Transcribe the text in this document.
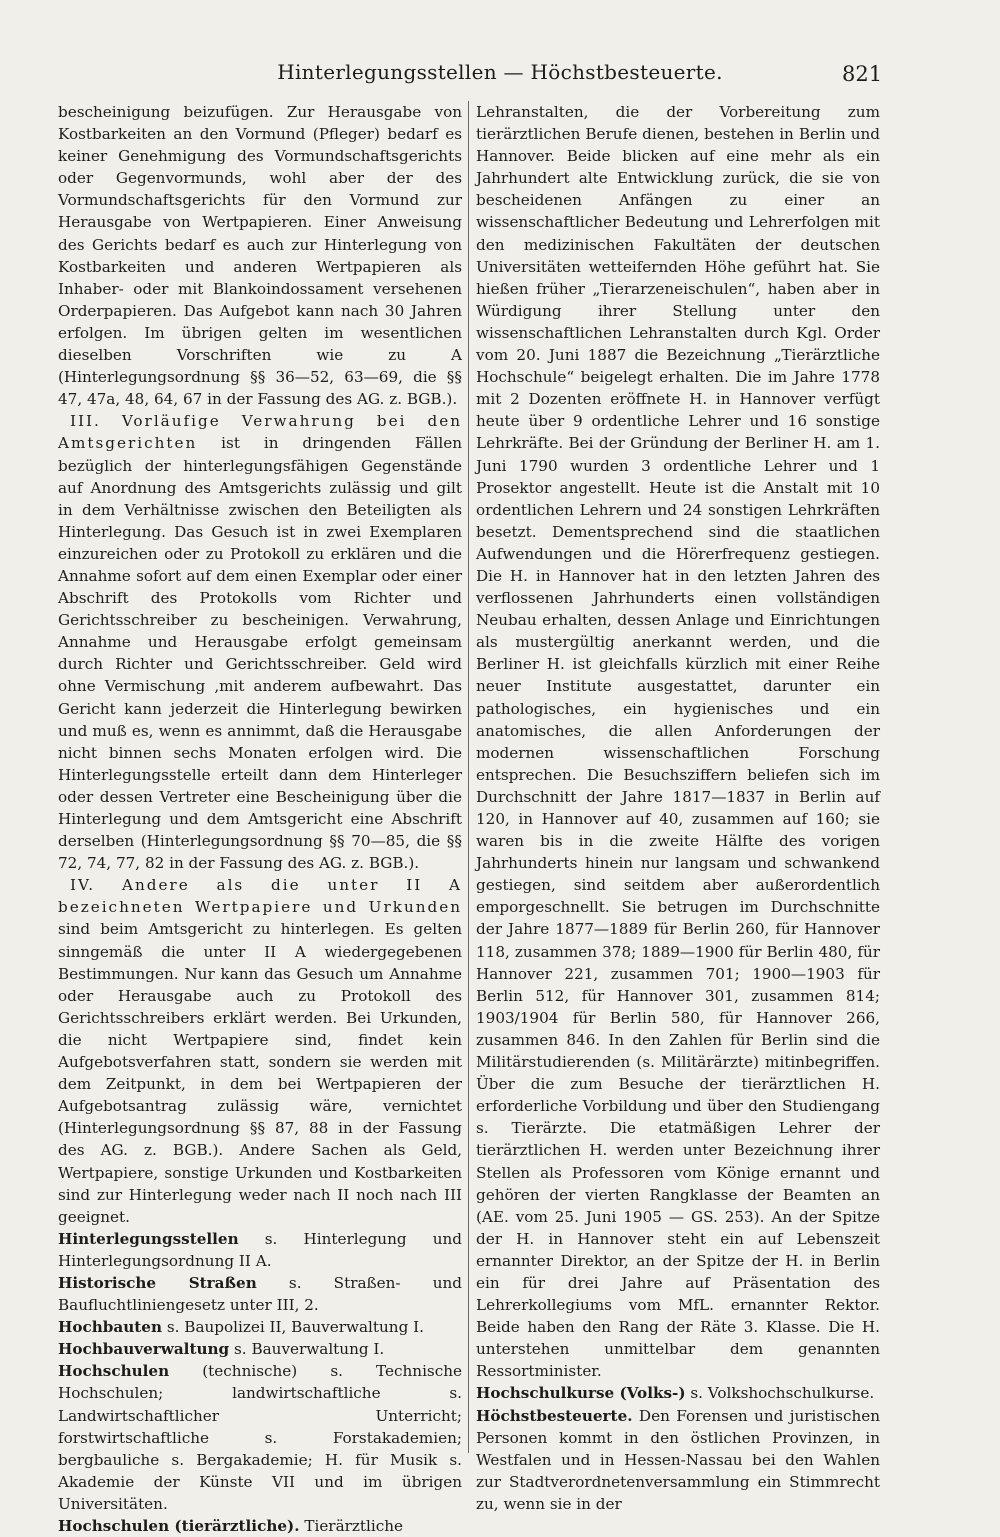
Hinterlegungsstellen — Höchstbesteuerte.	821

bescheinigung beizufügen. Zur Herausgabe von Kostbarkeiten an den Vormund (Pfleger) bedarf es keiner Genehmigung des Vormundschaftsgerichts oder Gegenvormunds, wohl aber der des Vormundschaftsgerichts für den Vormund zur Herausgabe von Wertpapieren. Einer Anweisung des Gerichts bedarf es auch zur Hinterlegung von Kostbarkeiten und anderen Wertpapieren als Inhaber- oder mit Blankoindossament versehenen Orderpapieren. Das Aufgebot kann nach 30 Jahren erfolgen. Im übrigen gelten im wesentlichen dieselben Vorschriften wie zu A (Hinterlegungsordnung §§ 36—52, 63—69, die §§ 47, 47a, 48, 64, 67 in der Fassung des AG. z. BGB.).

III. Vorläufige Verwahrung bei den Amtsgerichten ist in dringenden Fällen bezüglich der hinterlegungsfähigen Gegenstände auf Anordnung des Amtsgerichts zulässig und gilt in dem Verhältnisse zwischen den Beteiligten als Hinterlegung. Das Gesuch ist in zwei Exemplaren einzureichen oder zu Protokoll zu erklären und die Annahme sofort auf dem einen Exemplar oder einer Abschrift des Protokolls vom Richter und Gerichtsschreiber zu bescheinigen. Verwahrung, Annahme und Herausgabe erfolgt gemeinsam durch Richter und Gerichtsschreiber. Geld wird ohne Vermischung ‚mit anderem aufbewahrt. Das Gericht kann jederzeit die Hinterlegung bewirken und muß es, wenn es annimmt, daß die Herausgabe nicht binnen sechs Monaten erfolgen wird. Die Hinterlegungsstelle erteilt dann dem Hinterleger oder dessen Vertreter eine Bescheinigung über die Hinterlegung und dem Amtsgericht eine Abschrift derselben (Hinterlegungsordnung §§ 70—85, die §§ 72, 74, 77, 82 in der Fassung des AG. z. BGB.).

IV. Andere als die unter II A bezeichneten Wertpapiere und Urkunden sind beim Amtsgericht zu hinterlegen. Es gelten sinngemäß die unter II A wiedergegebenen Bestimmungen. Nur kann das Gesuch um Annahme oder Herausgabe auch zu Protokoll des Gerichtsschreibers erklärt werden. Bei Urkunden, die nicht Wertpapiere sind, findet kein Aufgebotsverfahren statt, sondern sie werden mit dem Zeitpunkt, in dem bei Wertpapieren der Aufgebotsantrag zulässig wäre, vernichtet (Hinterlegungsordnung §§ 87, 88 in der Fassung des AG. z. BGB.). Andere Sachen als Geld, Wertpapiere, sonstige Urkunden und Kostbarkeiten sind zur Hinterlegung weder nach II noch nach III geeignet.

Hinterlegungsstellen s. Hinterlegung und Hinterlegungsordnung II A.

Historische Straßen s. Straßen- und Baufluchtliniengesetz unter III, 2.

Hochbauten s. Baupolizei II, Bauverwaltung I.

Hochbauverwaltung s. Bauverwaltung I.

Hochschulen (technische) s. Technische Hochschulen; landwirtschaftliche s. Landwirtschaftlicher Unterricht; forstwirtschaftliche s. Forstakademien; bergbauliche s. Bergakademie; H. für Musik s. Akademie der Künste VII und im übrigen Universitäten.

Hochschulen (tierärztliche). Tierärztliche

Lehranstalten, die der Vorbereitung zum tierärztlichen Berufe dienen, bestehen in Berlin und Hannover. Beide blicken auf eine mehr als ein Jahrhundert alte Entwicklung zurück, die sie von bescheidenen Anfängen zu einer an wissenschaftlicher Bedeutung und Lehrerfolgen mit den medizinischen Fakultäten der deutschen Universitäten wetteifernden Höhe geführt hat. Sie hießen früher „Tierarzeneischulen“, haben aber in Würdigung ihrer Stellung unter den wissenschaftlichen Lehranstalten durch Kgl. Order vom 20. Juni 1887 die Bezeichnung „Tierärztliche Hochschule“ beigelegt erhalten. Die im Jahre 1778 mit 2 Dozenten eröffnete H. in Hannover verfügt heute über 9 ordentliche Lehrer und 16 sonstige Lehrkräfte. Bei der Gründung der Berliner H. am 1. Juni 1790 wurden 3 ordentliche Lehrer und 1 Prosektor angestellt. Heute ist die Anstalt mit 10 ordentlichen Lehrern und 24 sonstigen Lehrkräften besetzt. Dementsprechend sind die staatlichen Aufwendungen und die Hörerfrequenz gestiegen. Die H. in Hannover hat in den letzten Jahren des verflossenen Jahrhunderts einen vollständigen Neubau erhalten, dessen Anlage und Einrichtungen als mustergültig anerkannt werden, und die Berliner H. ist gleichfalls kürzlich mit einer Reihe neuer Institute ausgestattet, darunter ein pathologisches, ein hygienisches und ein anatomisches, die allen Anforderungen der modernen wissenschaftlichen Forschung entsprechen. Die Besuchsziffern beliefen sich im Durchschnitt der Jahre 1817—1837 in Berlin auf 120, in Hannover auf 40, zusammen auf 160; sie waren bis in die zweite Hälfte des vorigen Jahrhunderts hinein nur langsam und schwankend gestiegen, sind seitdem aber außerordentlich emporgeschnellt. Sie betrugen im Durchschnitte der Jahre 1877—1889 für Berlin 260, für Hannover 118, zusammen 378; 1889—1900 für Berlin 480, für Hannover 221, zusammen 701; 1900—1903 für Berlin 512, für Hannover 301, zusammen 814; 1903/1904 für Berlin 580, für Hannover 266, zusammen 846. In den Zahlen für Berlin sind die Militärstudierenden (s. Militärärzte) mitinbegriffen. Über die zum Besuche der tierärztlichen H. erforderliche Vorbildung und über den Studiengang s. Tierärzte. Die etatmäßigen Lehrer der tierärztlichen H. werden unter Bezeichnung ihrer Stellen als Professoren vom Könige ernannt und gehören der vierten Rangklasse der Beamten an (AE. vom 25. Juni 1905 — GS. 253). An der Spitze der H. in Hannover steht ein auf Lebenszeit ernannter Direktor, an der Spitze der H. in Berlin ein für drei Jahre auf Präsentation des Lehrerkollegiums vom MfL. ernannter Rektor. Beide haben den Rang der Räte 3. Klasse. Die H. unterstehen unmittelbar dem genannten Ressortminister.

Hochschulkurse (Volks-) s. Volkshochschulkurse.

Höchstbesteuerte. Den Forensen und juristischen Personen kommt in den östlichen Provinzen, in Westfalen und in Hessen-Nassau bei den Wahlen zur Stadtverordnetenversammlung ein Stimmrecht zu, wenn sie in der
